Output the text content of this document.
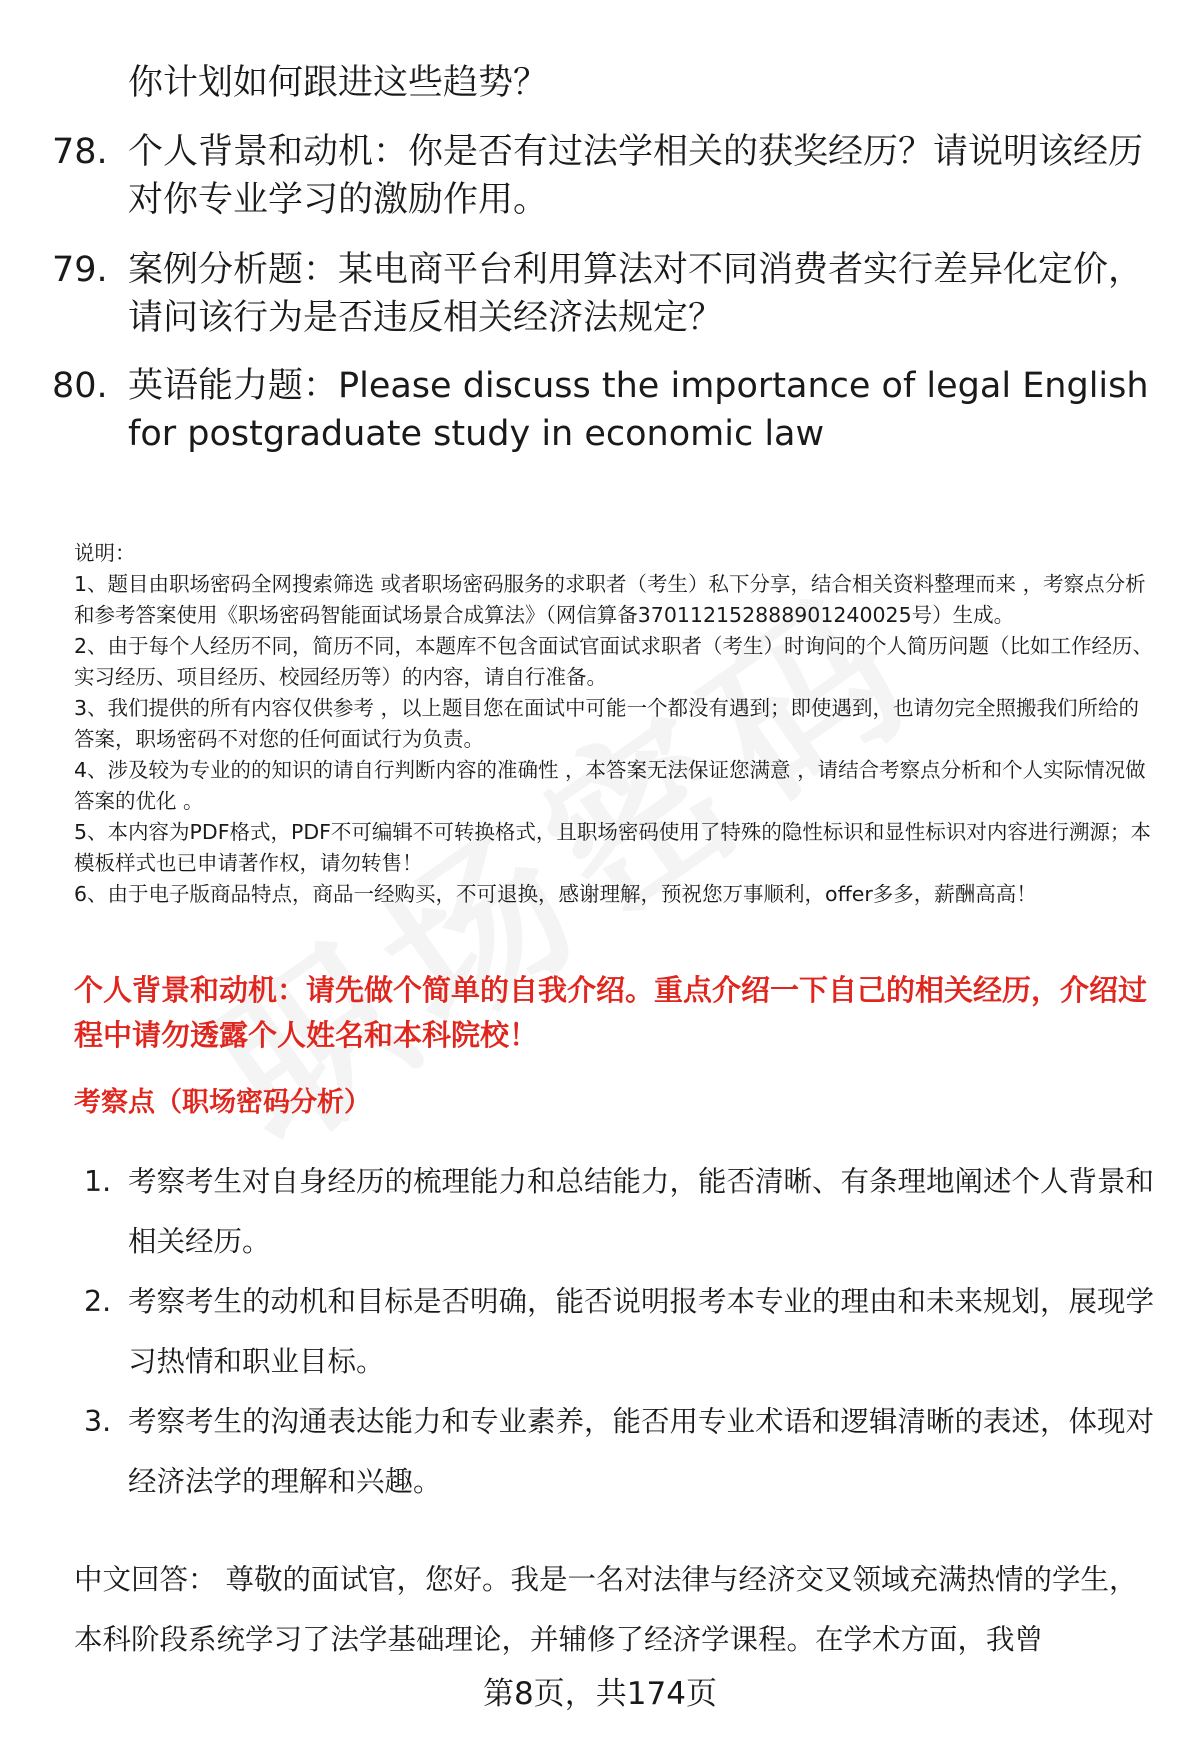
你计划如何跟进这些趋势？
78. 个人背景和动机：你是否有过法学相关的获奖经历？请说明该经历对你专业学习的激励作用。
79. 案例分析题：某电商平台利用算法对不同消费者实行差异化定价，请问该行为是否违反相关经济法规定？
80. 英语能力题：Please discuss the importance of legal English for postgraduate study in economic law

说明：

1、题目由职场密码全网搜索筛选 或者职场密码服务的求职者（考生）私下分享，结合相关资料整理而来 ，考察点分析和参考答案使用《职场密码智能面试场景合成算法》（网信算备370112152888901240025号）生成。

2、由于每个人经历不同，简历不同，本题库不包含面试官面试求职者（考生）时询问的个人简历问题（比如工作经历、实习经历、项目经历、校园经历等）的内容，请自行准备。

3、我们提供的所有内容仅供参考 ，以上题目您在面试中可能一个都没有遇到；即使遇到，也请勿完全照搬我们所给的答案，职场密码不对您的任何面试行为负责。

4、涉及较为专业的的知识的请自行判断内容的准确性 ，本答案无法保证您满意 ，请结合考察点分析和个人实际情况做答案的优化 。

5、本内容为PDF格式，PDF不可编辑不可转换格式，且职场密码使用了特殊的隐性标识和显性标识对内容进行溯源；本模板样式也已申请著作权，请勿转售！

6、由于电子版商品特点，商品一经购买，不可退换，感谢理解，预祝您万事顺利，offer多多，薪酬高高！

个人背景和动机：请先做个简单的自我介绍。重点介绍一下自己的相关经历，介绍过程中请勿透露个人姓名和本科院校！
考察点（职场密码分析）
1. 考察考生对自身经历的梳理能力和总结能力，能否清晰、有条理地阐述个人背景和相关经历。
2. 考察考生的动机和目标是否明确，能否说明报考本专业的理由和未来规划，展现学习热情和职业目标。
3. 考察考生的沟通表达能力和专业素养，能否用专业术语和逻辑清晰的表述，体现对经济法学的理解和兴趣。
中文回答： 尊敬的面试官，您好。我是一名对法律与经济交叉领域充满热情的学生，本科阶段系统学习了法学基础理论，并辅修了经济学课程。在学术方面，我曾
第8页，共174页
